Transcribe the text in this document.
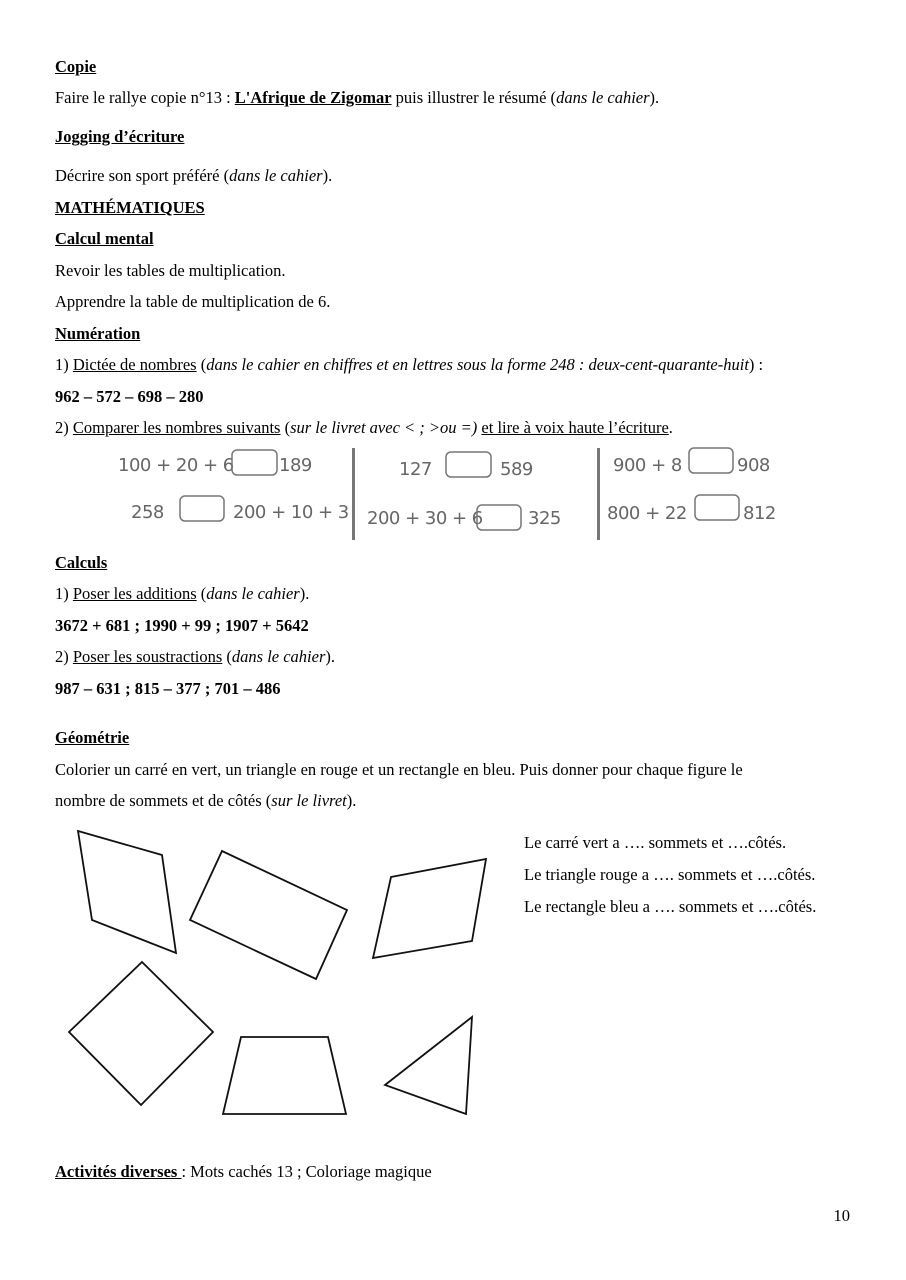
Copie
Faire le rallye copie n°13 : L'Afrique de Zigomar puis illustrer le résumé (dans le cahier).
Jogging d’écriture
Décrire son sport préféré (dans le cahier).
MATHÉMATIQUES
Calcul mental
Revoir les tables de multiplication.
Apprendre la table de multiplication de 6.
Numération
1) Dictée de nombres (dans le cahier en chiffres et en lettres sous la forme 248 : deux-cent-quarante-huit) :
962 – 572 – 698 – 280
2) Comparer les nombres suivants (sur le livret avec < ; >ou =) et lire à voix haute l’écriture.
100 + 20 + 6	189
258	200 + 10 + 3
127	589
200 + 30 + 6	325
900 + 8	908
800 + 22	812
Calculs
1) Poser les additions (dans le cahier).
3672 + 681 ; 1990 + 99 ; 1907 + 5642
2) Poser les soustractions (dans le cahier).
987 – 631 ; 815 – 377 ; 701 – 486
Géométrie
Colorier un carré en vert, un triangle en rouge et un rectangle en bleu. Puis donner pour chaque figure le
nombre de sommets et de côtés (sur le livret).
Le carré vert a …. sommets et ….côtés.
Le triangle rouge a …. sommets et ….côtés.
Le rectangle bleu a …. sommets et ….côtés.
Activités diverses : Mots cachés 13 ; Coloriage magique
10
